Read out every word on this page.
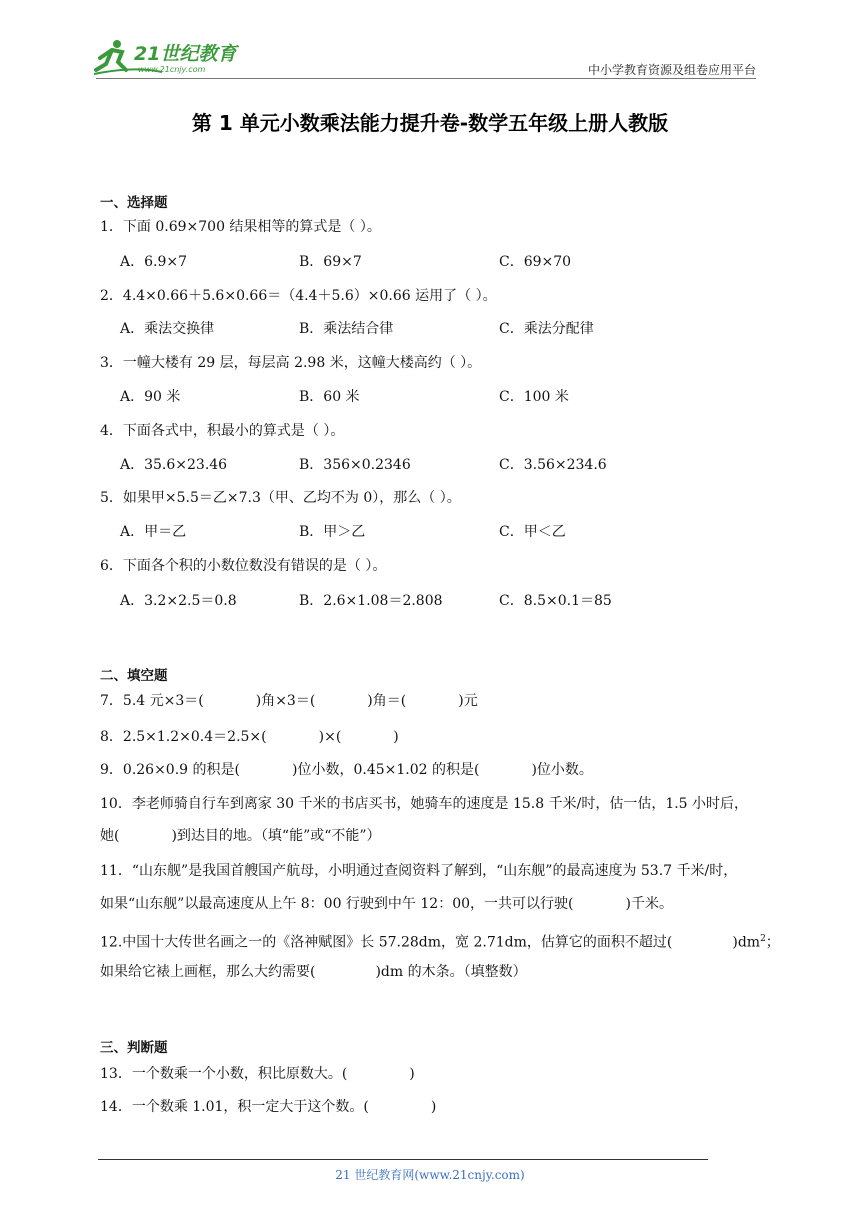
21世纪教育
www.21cnjy.com	中小学教育资源及组卷应用平台
第 1 单元小数乘法能力提升卷-数学五年级上册人教版
一、选择题
1．下面 0.69×700 结果相等的算式是（ ）。
A．6.9×7	B．69×7	C．69×70
2．4.4×0.66＋5.6×0.66＝（4.4＋5.6）×0.66 运用了（ ）。
A．乘法交换律	B．乘法结合律	C．乘法分配律
3．一幢大楼有 29 层，每层高 2.98 米，这幢大楼高约（ ）。
A．90 米	B．60 米	C．100 米
4．下面各式中，积最小的算式是（ ）。
A．35.6×23.46	B．356×0.2346	C．3.56×234.6
5．如果甲×5.5＝乙×7.3（甲、乙均不为 0），那么（ ）。
A．甲＝乙	B．甲＞乙	C．甲＜乙
6．下面各个积的小数位数没有错误的是（ ）。
A．3.2×2.5＝0.8	B．2.6×1.08＝2.808	C．8.5×0.1＝85
二、填空题
7．5.4 元×3＝(	)角×3＝(	)角＝(	)元
8．2.5×1.2×0.4＝2.5×(	)×(	)
9．0.26×0.9 的积是(	)位小数，0.45×1.02 的积是(	)位小数。
10．李老师骑自行车到离家 30 千米的书店买书，她骑车的速度是 15.8 千米/时，估一估，1.5 小时后，
她(	)到达目的地。（填“能”或“不能”）
11．“山东舰”是我国首艘国产航母，小明通过查阅资料了解到，“山东舰”的最高速度为 53.7 千米/时，
如果“山东舰”以最高速度从上午 8：00 行驶到中午 12：00，一共可以行驶(	)千米。
12.中国十大传世名画之一的《洛神赋图》长 57.28dm，宽 2.71dm，估算它的面积不超过(	)$dm^2$；
如果给它裱上画框，那么大约需要(	)dm 的木条。（填整数）
三、判断题
13．一个数乘一个小数，积比原数大。(	)
14．一个数乘 1.01，积一定大于这个数。(	)
21 世纪教育网(www.21cnjy.com)
